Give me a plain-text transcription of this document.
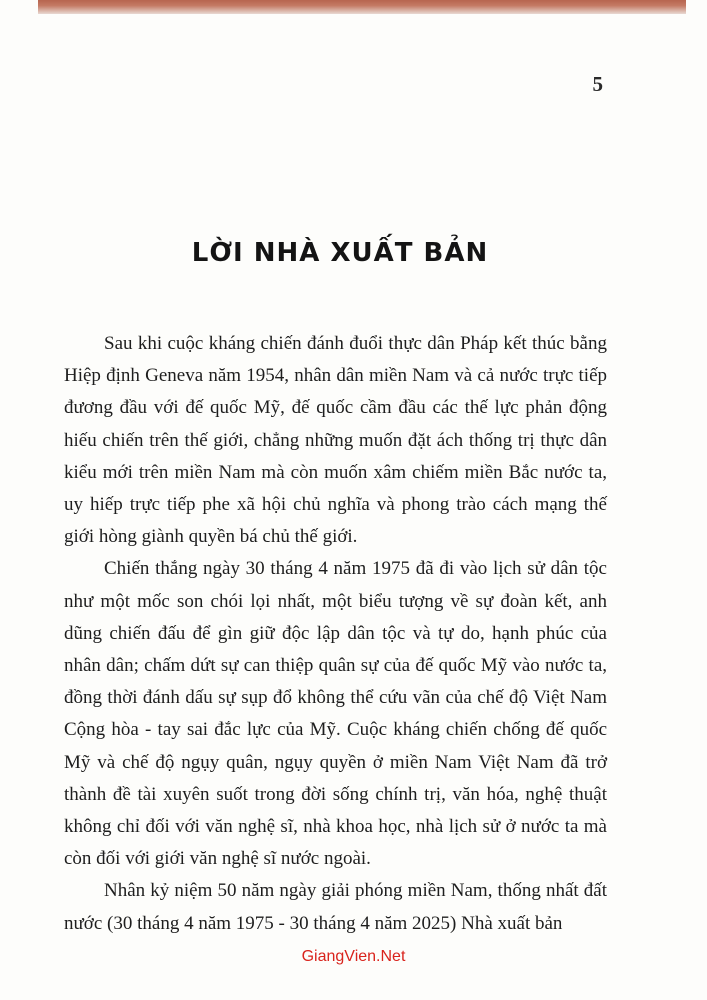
5
LỜI NHÀ XUẤT BẢN

Sau khi cuộc kháng chiến đánh đuổi thực dân Pháp kết thúc bằng Hiệp định Geneva năm 1954, nhân dân miền Nam và cả nước trực tiếp đương đầu với đế quốc Mỹ, đế quốc cầm đầu các thế lực phản động hiếu chiến trên thế giới, chẳng những muốn đặt ách thống trị thực dân kiểu mới trên miền Nam mà còn muốn xâm chiếm miền Bắc nước ta, uy hiếp trực tiếp phe xã hội chủ nghĩa và phong trào cách mạng thế giới hòng giành quyền bá chủ thế giới.

Chiến thắng ngày 30 tháng 4 năm 1975 đã đi vào lịch sử dân tộc như một mốc son chói lọi nhất, một biểu tượng về sự đoàn kết, anh dũng chiến đấu để gìn giữ độc lập dân tộc và tự do, hạnh phúc của nhân dân; chấm dứt sự can thiệp quân sự của đế quốc Mỹ vào nước ta, đồng thời đánh dấu sự sụp đổ không thể cứu vãn của chế độ Việt Nam Cộng hòa - tay sai đắc lực của Mỹ. Cuộc kháng chiến chống đế quốc Mỹ và chế độ ngụy quân, ngụy quyền ở miền Nam Việt Nam đã trở thành đề tài xuyên suốt trong đời sống chính trị, văn hóa, nghệ thuật không chỉ đối với văn nghệ sĩ, nhà khoa học, nhà lịch sử ở nước ta mà còn đối với giới văn nghệ sĩ nước ngoài.

Nhân kỷ niệm 50 năm ngày giải phóng miền Nam, thống nhất đất nước (30 tháng 4 năm 1975 - 30 tháng 4 năm 2025) Nhà xuất bản

GiangVien.Net
